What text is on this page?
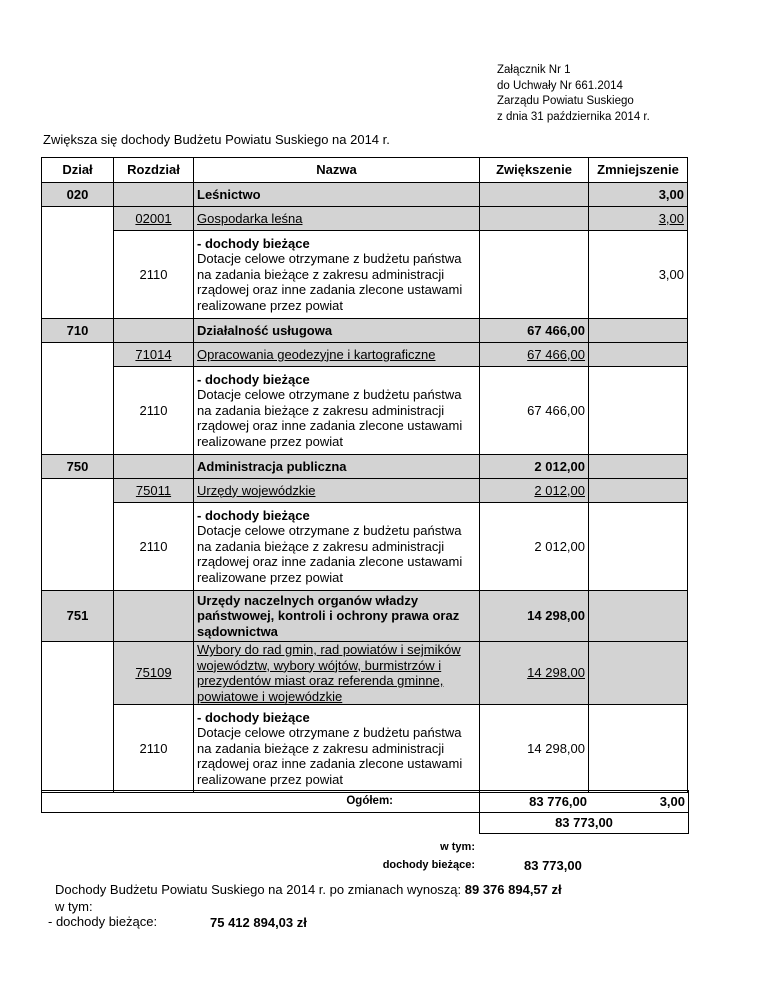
Załącznik Nr 1
do Uchwały Nr 661.2014
Zarządu Powiatu Suskiego
z dnia 31 października 2014 r.
Zwiększa się dochody Budżetu Powiatu Suskiego na 2014 r.
Dział	Rozdział	Nazwa	Zwiększenie	Zmniejszenie
020		Leśnictwo		3,00
	02001	Gospodarka leśna		3,00
	2110	- dochody bieżące
Dotacje celowe otrzymane z budżetu państwa
na zadania bieżące z zakresu administracji
rządowej oraz inne zadania zlecone ustawami
realizowane przez powiat		3,00
710		Działalność usługowa	67 466,00	
	71014	Opracowania geodezyjne i kartograficzne	67 466,00	
	2110	- dochody bieżące
Dotacje celowe otrzymane z budżetu państwa
na zadania bieżące z zakresu administracji
rządowej oraz inne zadania zlecone ustawami
realizowane przez powiat	67 466,00	
750		Administracja publiczna	2 012,00	
	75011	Urzędy wojewódzkie	2 012,00	
	2110	- dochody bieżące
Dotacje celowe otrzymane z budżetu państwa
na zadania bieżące z zakresu administracji
rządowej oraz inne zadania zlecone ustawami
realizowane przez powiat	2 012,00	
751		Urzędy naczelnych organów władzy
państwowej, kontroli i ochrony prawa oraz
sądownictwa	14 298,00	
	75109	Wybory do rad gmin, rad powiatów i sejmików
województw, wybory wójtów, burmistrzów i
prezydentów miast oraz referenda gminne,
powiatowe i wojewódzkie	14 298,00	
	2110	- dochody bieżące
Dotacje celowe otrzymane z budżetu państwa
na zadania bieżące z zakresu administracji
rządowej oraz inne zadania zlecone ustawami
realizowane przez powiat	14 298,00	
Ogółem:	83 776,00	3,00
83 773,00
w tym:
dochody bieżące:	83 773,00
Dochody Budżetu Powiatu Suskiego na 2014 r. po zmianach wynoszą: 89 376 894,57 zł
w tym:
- dochody bieżące:	75 412 894,03 zł
